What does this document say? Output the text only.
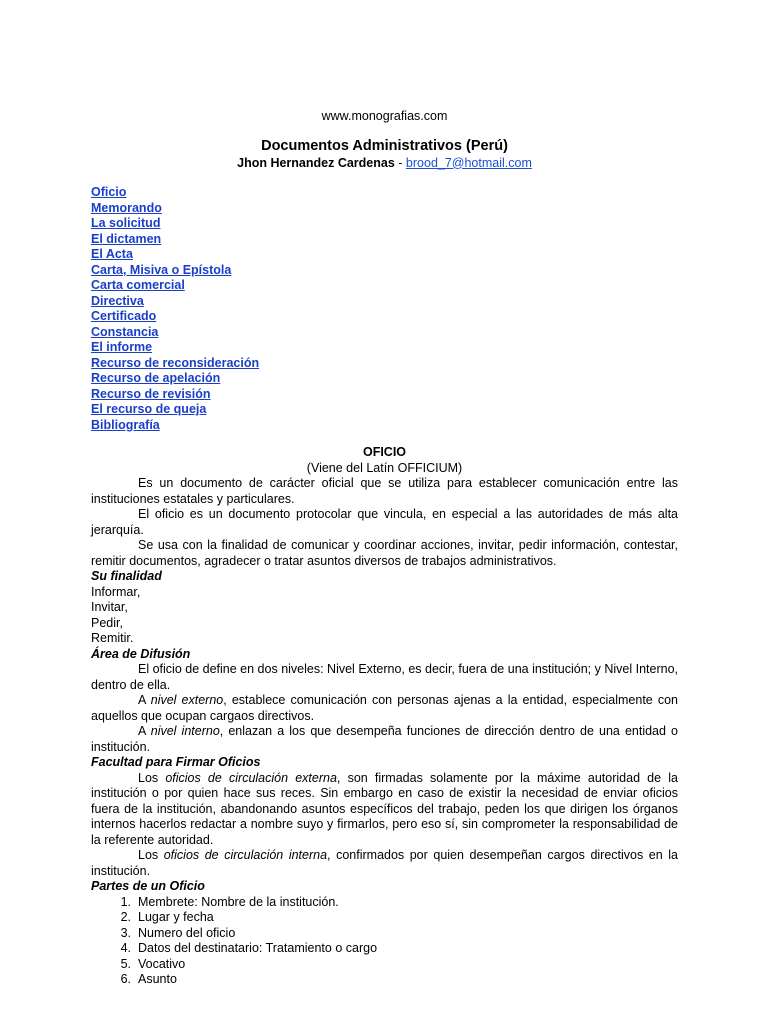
www.monografias.com
Documentos Administrativos (Perú)
Jhon Hernandez Cardenas - brood_7@hotmail.com
Oficio
Memorando
La solicitud
El dictamen
El Acta
Carta, Misiva o Epístola
Carta comercial
Directiva
Certificado
Constancia
El informe
Recurso de reconsideración
Recurso de apelación
Recurso de revisión
El recurso de queja
Bibliografía
OFICIO
(Viene del Latín OFFICIUM)

Es un documento de carácter oficial que se utiliza para establecer comunicación entre las instituciones estatales y particulares.

El oficio es un documento protocolar que vincula, en especial a las autoridades de más alta jerarquía.

Se usa con la finalidad de comunicar y coordinar acciones, invitar, pedir información, contestar, remitir documentos, agradecer o tratar asuntos diversos de trabajos administrativos.

Su finalidad
Informar,
Invitar,
Pedir,
Remitir.
Área de Difusión

El oficio de define en dos niveles: Nivel Externo, es decir, fuera de una institución; y Nivel Interno, dentro de ella.

A nivel externo, establece comunicación con personas ajenas a la entidad, especialmente con aquellos que ocupan cargaos directivos.

A nivel interno, enlazan a los que desempeña funciones de dirección dentro de una entidad o institución.

Facultad para Firmar Oficios

Los oficios de circulación externa, son firmadas solamente por la máxime autoridad de la institución o por quien hace sus reces. Sin embargo en caso de existir la necesidad de enviar oficios fuera de la institución, abandonando asuntos específicos del trabajo, peden los que dirigen los órganos internos hacerlos redactar a nombre suyo y firmarlos, pero eso sí, sin comprometer la responsabilidad de la referente autoridad.

Los oficios de circulación interna, confirmados por quien desempeñan cargos directivos en la institución.

Partes de un Oficio
1. Membrete: Nombre de la institución.
2. Lugar y fecha
3. Numero del oficio
4. Datos del destinatario: Tratamiento o cargo
5. Vocativo
6. Asunto
